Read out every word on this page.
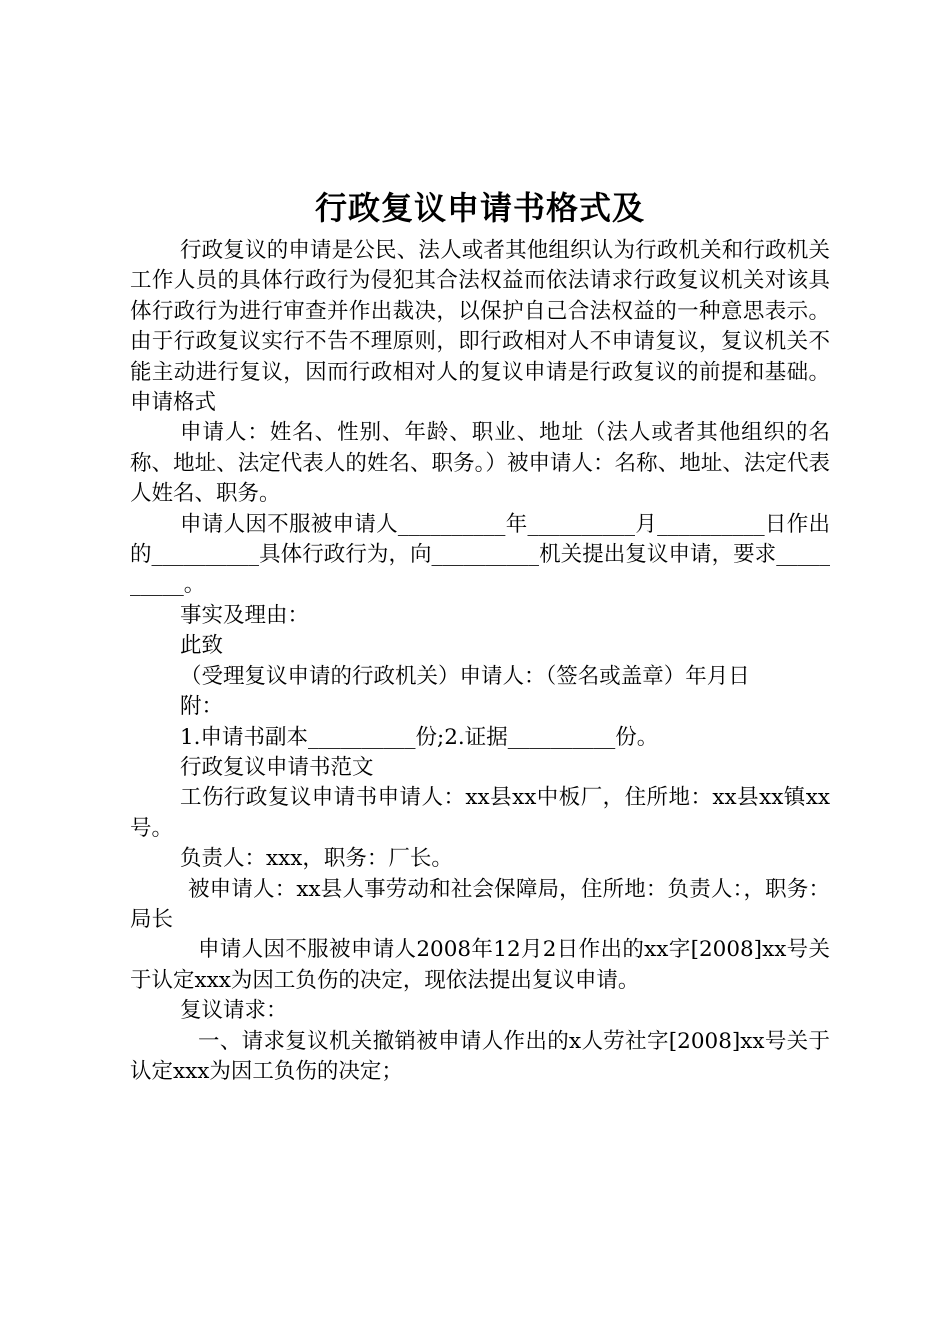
行政复议申请书格式及

行政复议的申请是公民、法人或者其他组织认为行政机关和行政机关工作人员的具体行政行为侵犯其合法权益而依法请求行政复议机关对该具体行政行为进行审查并作出裁决，以保护自己合法权益的一种意思表示。由于行政复议实行不告不理原则，即行政相对人不申请复议，复议机关不能主动进行复议，因而行政相对人的复议申请是行政复议的前提和基础。申请格式

申请人：姓名、性别、年龄、职业、地址（法人或者其他组织的名称、地址、法定代表人的姓名、职务。）被申请人：名称、地址、法定代表人姓名、职务。

申请人因不服被申请人__________年__________月__________日作出的__________具体行政行为，向__________机关提出复议申请，要求__________。

事实及理由：

此致

（受理复议申请的行政机关）申请人：（签名或盖章）年月日

附：

1.申请书副本__________份;2.证据__________份。

行政复议申请书范文

工伤行政复议申请书申请人：xx县xx中板厂，住所地：xx县xx镇xx号。

负责人：xxx，职务：厂长。

被申请人：xx县人事劳动和社会保障局，住所地：负责人：，职务：局长

申请人因不服被申请人2008年12月2日作出的xx字[2008]xx号关于认定xxx为因工负伤的决定，现依法提出复议申请。

复议请求：

一、请求复议机关撤销被申请人作出的x人劳社字[2008]xx号关于认定xxx为因工负伤的决定；
